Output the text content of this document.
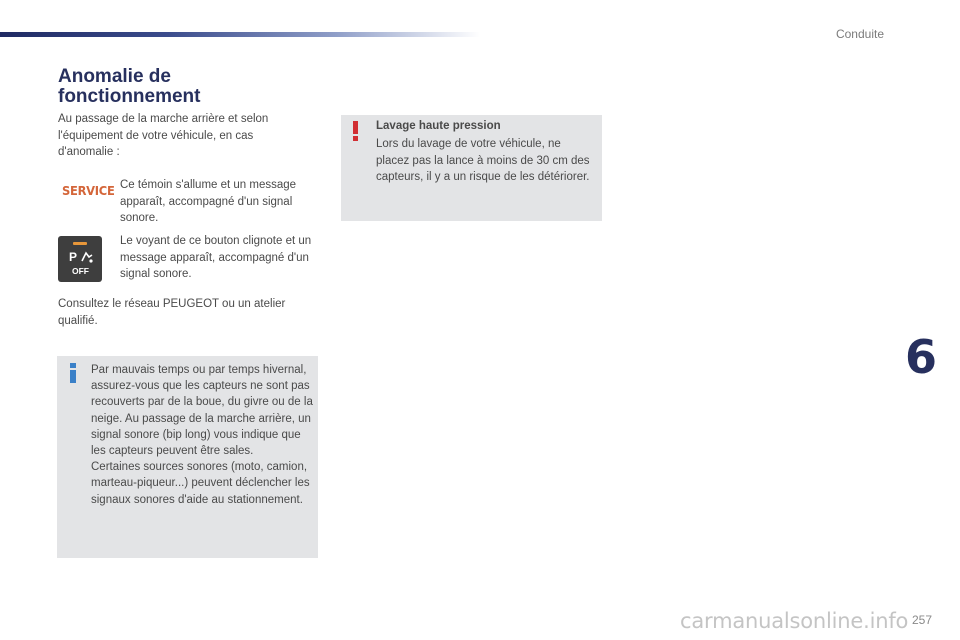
Conduite
Anomalie de fonctionnement

Au passage de la marche arrière et selon l'équipement de votre véhicule, en cas d'anomalie :

SERVICE Ce témoin s'allume et un message apparaît, accompagné d'un signal sonore.

P
OFF

Le voyant de ce bouton clignote et un message apparaît, accompagné d'un signal sonore.

Consultez le réseau PEUGEOT ou un atelier qualifié.

Par mauvais temps ou par temps hivernal, assurez-vous que les capteurs ne sont pas recouverts par de la boue, du givre ou de la neige. Au passage de la marche arrière, un signal sonore (bip long) vous indique que les capteurs peuvent être sales.

Certaines sources sonores (moto, camion, marteau-piqueur...) peuvent déclencher les signaux sonores d'aide au stationnement.

Lavage haute pression

Lors du lavage de votre véhicule, ne placez pas la lance à moins de 30 cm des capteurs, il y a un risque de les détériorer.

6
257
carmanualsonline.info
